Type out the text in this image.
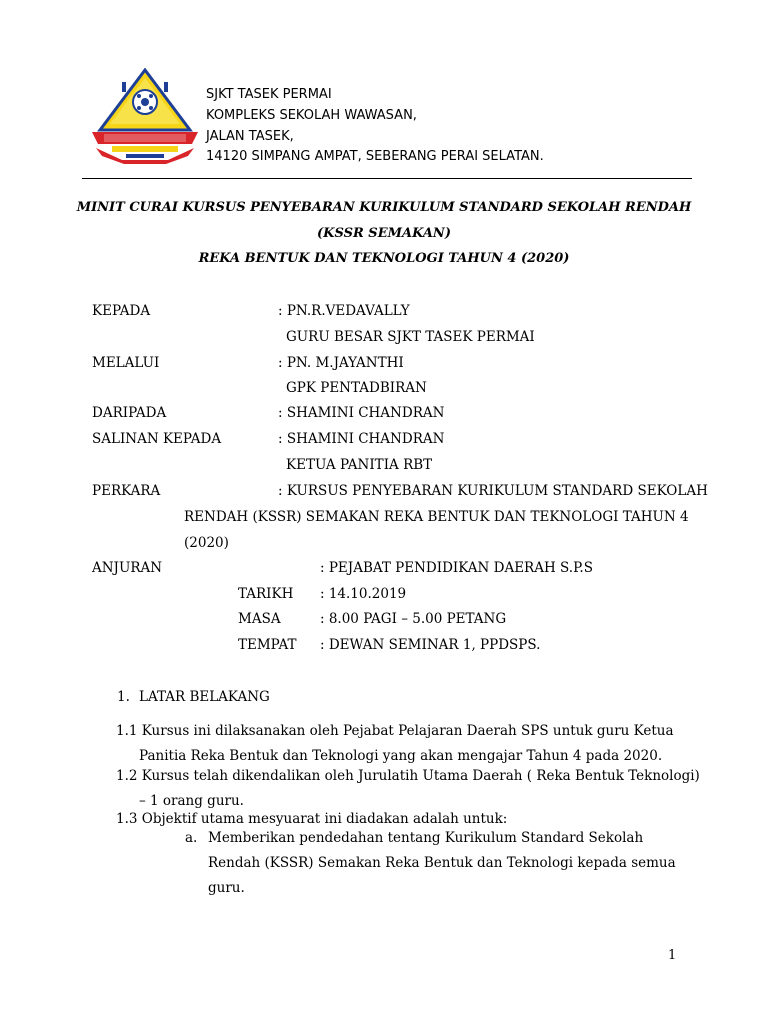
SJKT TASEK PERMAI
KOMPLEKS SEKOLAH WAWASAN,
JALAN TASEK,
14120 SIMPANG AMPAT, SEBERANG PERAI SELATAN.
MINIT CURAI KURSUS PENYEBARAN KURIKULUM STANDARD SEKOLAH RENDAH
(KSSR SEMAKAN)
REKA BENTUK DAN TEKNOLOGI TAHUN 4 (2020)
KEPADA	: PN.R.VEDAVALLY
GURU BESAR SJKT TASEK PERMAI
MELALUI	: PN. M.JAYANTHI
GPK PENTADBIRAN
DARIPADA	: SHAMINI CHANDRAN
SALINAN KEPADA	: SHAMINI CHANDRAN
KETUA PANITIA RBT
PERKARA	: KURSUS PENYEBARAN KURIKULUM STANDARD SEKOLAH
RENDAH (KSSR) SEMAKAN REKA BENTUK DAN TEKNOLOGI TAHUN 4
(2020)
ANJURAN	: PEJABAT PENDIDIKAN DAERAH S.P.S
TARIKH : 14.10.2019
MASA	: 8.00 PAGI – 5.00 PETANG
TEMPAT : DEWAN SEMINAR 1, PPDSPS.
1. LATAR BELAKANG
1.1 Kursus ini dilaksanakan oleh Pejabat Pelajaran Daerah SPS untuk guru Ketua
Panitia Reka Bentuk dan Teknologi yang akan mengajar Tahun 4 pada 2020.
1.2 Kursus telah dikendalikan oleh Jurulatih Utama Daerah ( Reka Bentuk Teknologi)
– 1 orang guru.
1.3 Objektif utama mesyuarat ini diadakan adalah untuk:
a. Memberikan pendedahan tentang Kurikulum Standard Sekolah
Rendah (KSSR) Semakan Reka Bentuk dan Teknologi kepada semua
guru.
1
